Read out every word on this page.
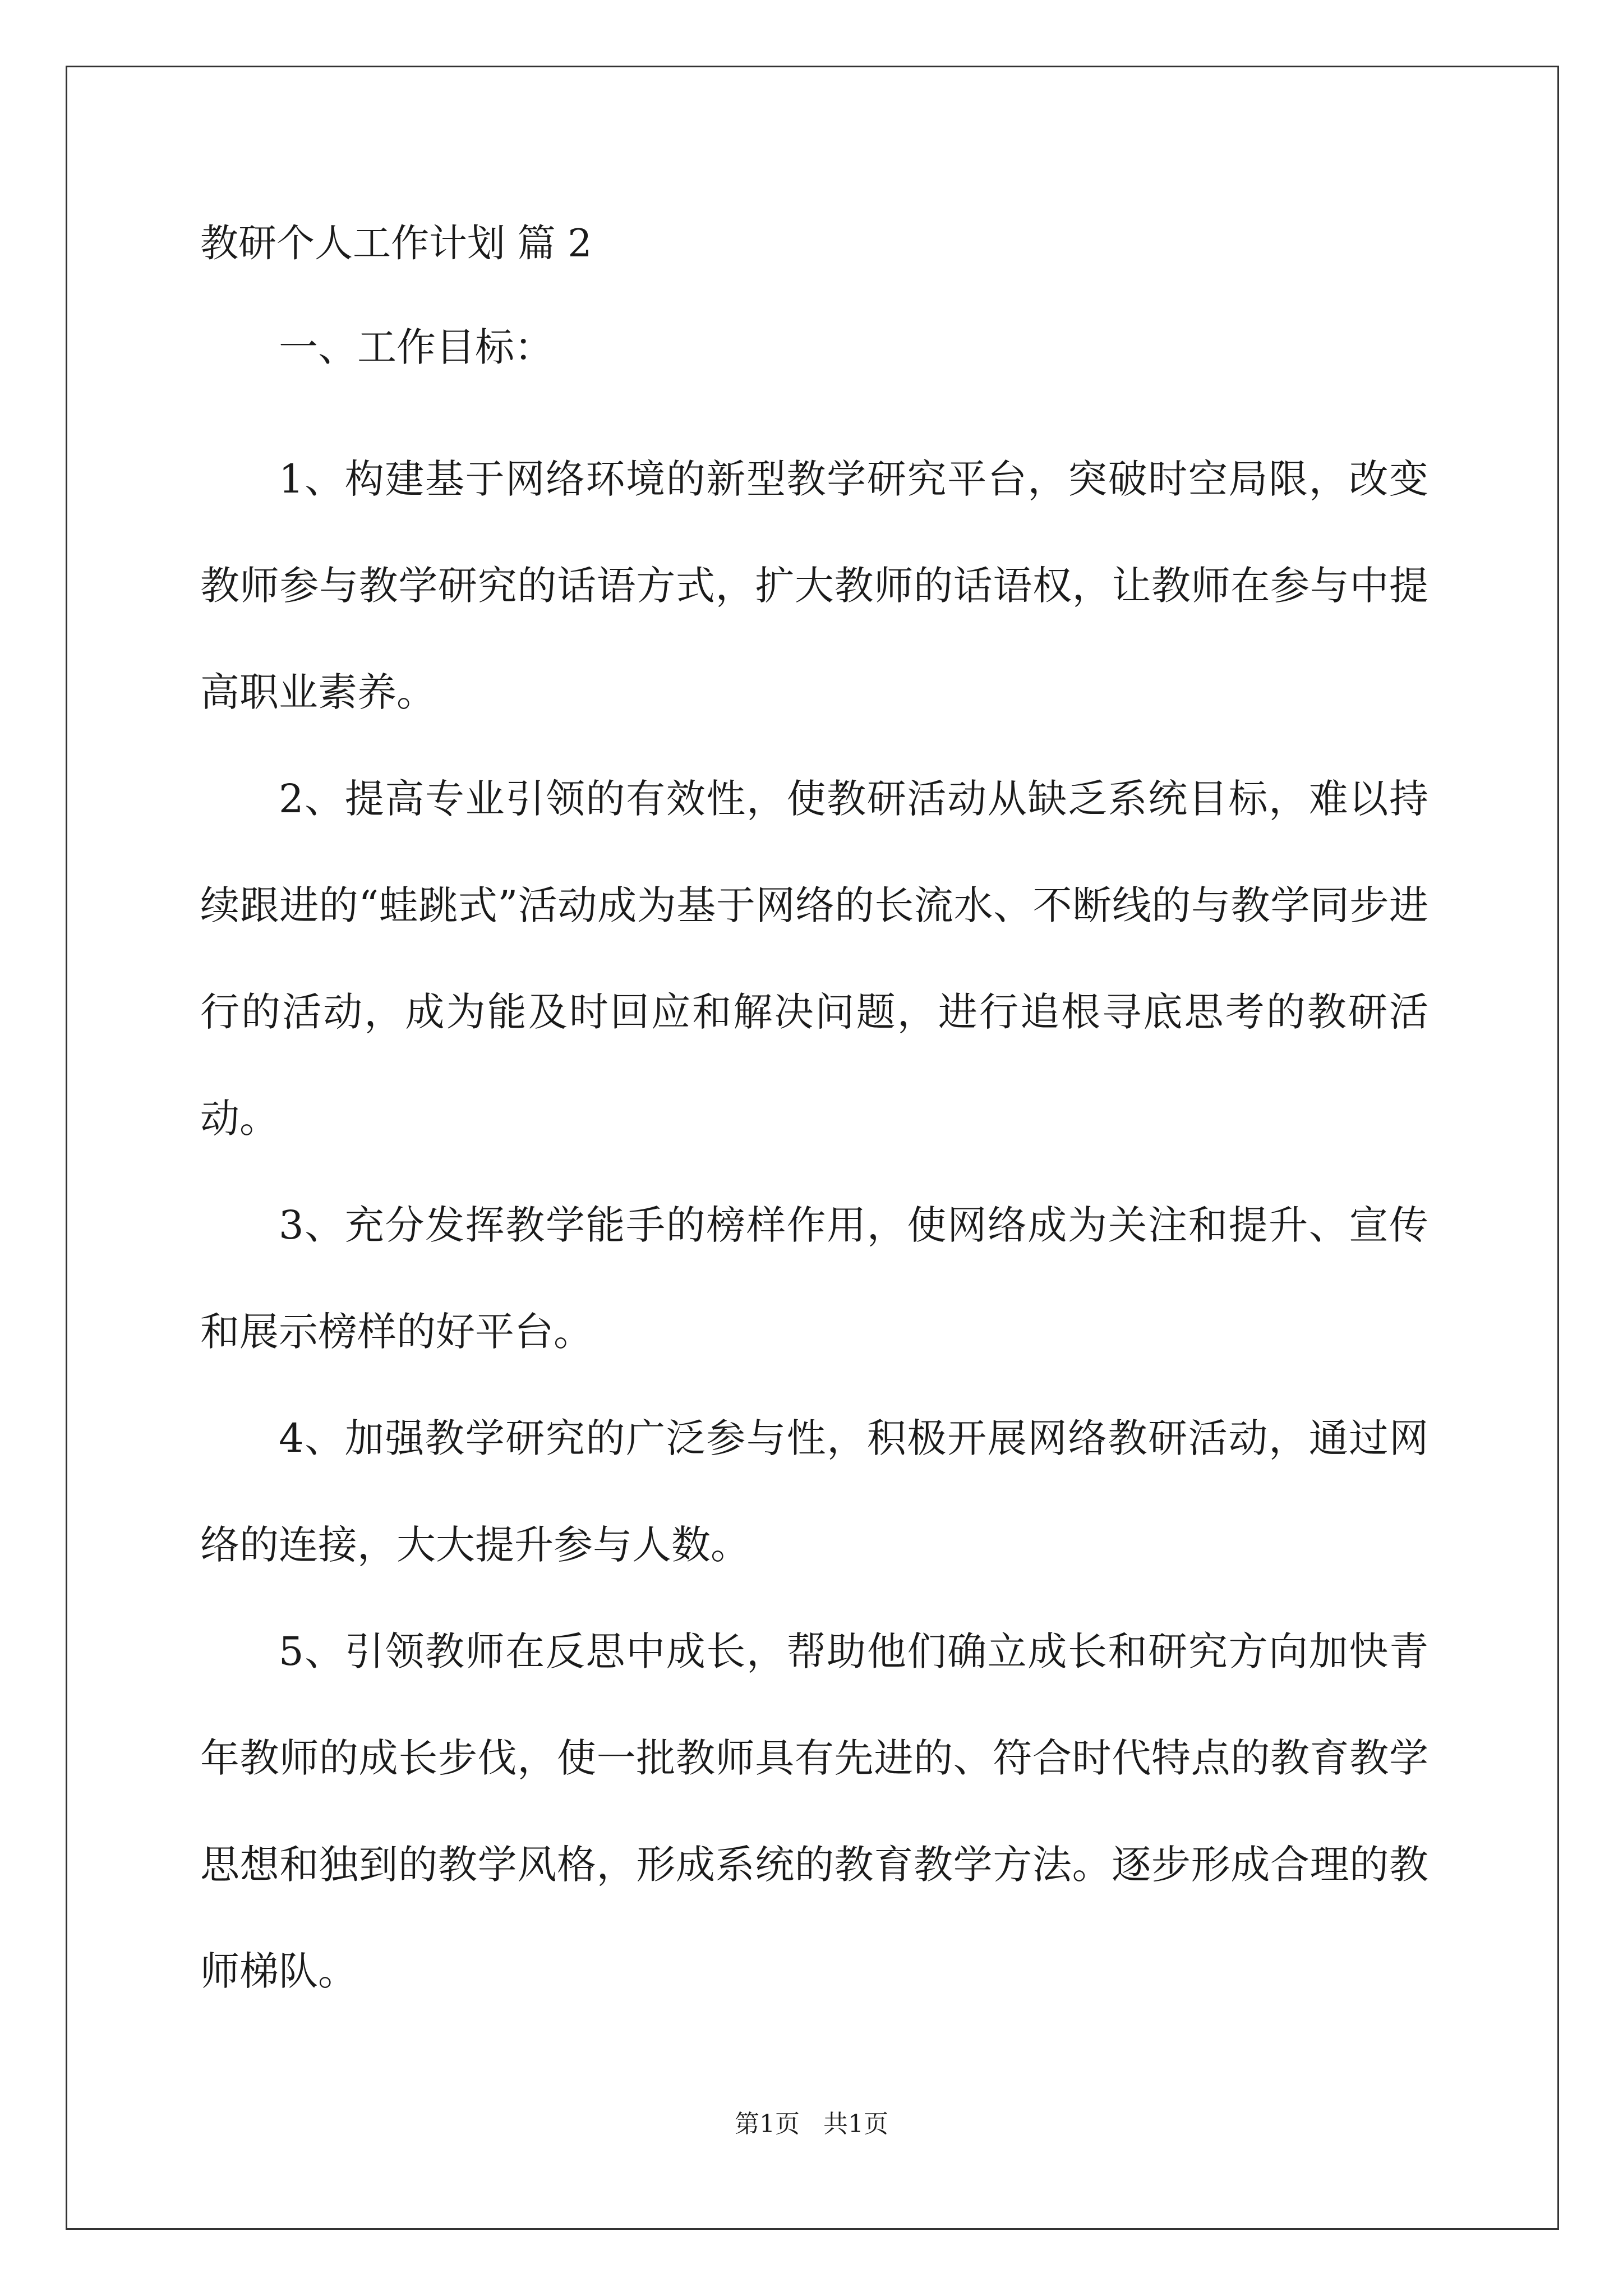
教研个人工作计划 篇 2

一、工作目标：

1、构建基于网络环境的新型教学研究平台，突破时空局限，改变教师参与教学研究的话语方式，扩大教师的话语权，让教师在参与中提高职业素养。

2、提高专业引领的有效性，使教研活动从缺乏系统目标，难以持续跟进的“蛙跳式”活动成为基于网络的长流水、不断线的与教学同步进行的活动，成为能及时回应和解决问题，进行追根寻底思考的教研活动。

3、充分发挥教学能手的榜样作用，使网络成为关注和提升、宣传和展示榜样的好平台。

4、加强教学研究的广泛参与性，积极开展网络教研活动，通过网络的连接，大大提升参与人数。

5、引领教师在反思中成长，帮助他们确立成长和研究方向加快青年教师的成长步伐，使一批教师具有先进的、符合时代特点的教育教学思想和独到的教学风格，形成系统的教育教学方法。逐步形成合理的教师梯队。

第1页   共1页
